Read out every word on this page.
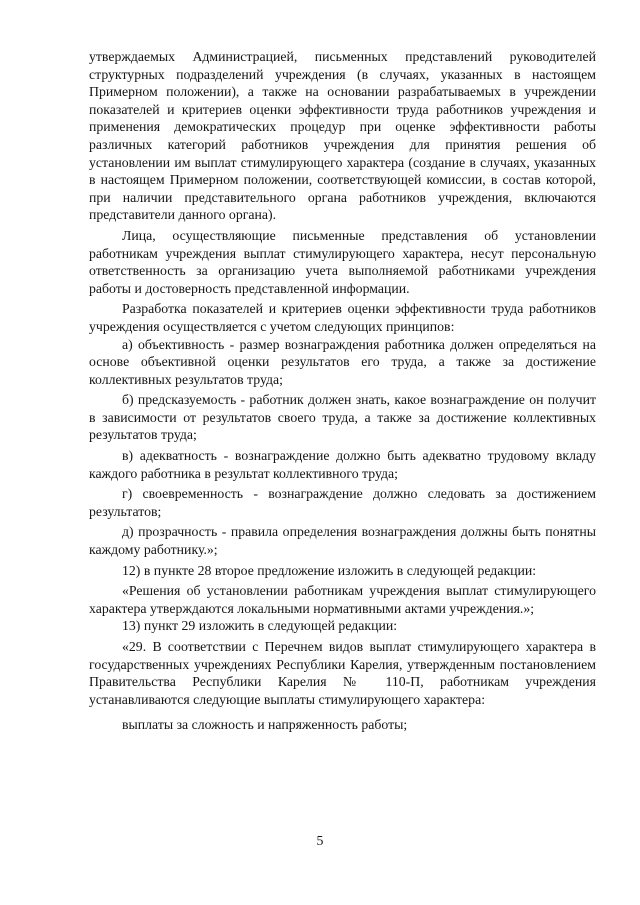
утверждаемых Администрацией, письменных представлений руководителей структурных подразделений учреждения (в случаях, указанных в настоящем Примерном положении), а также на основании разрабатываемых в учреждении показателей и критериев оценки эффективности труда работников учреждения и применения демократических процедур при оценке эффективности работы различных категорий работников учреждения для принятия решения об установлении им выплат стимулирующего характера (создание в случаях, указанных в настоящем Примерном положении, соответствующей комиссии, в состав которой, при наличии представительного органа работников учреждения, включаются представители данного органа).

Лица, осуществляющие письменные представления об установлении работникам учреждения выплат стимулирующего характера, несут персональную ответственность за организацию учета выполняемой работниками учреждения работы и достоверность представленной информации.

Разработка показателей и критериев оценки эффективности труда работников учреждения осуществляется с учетом следующих принципов:

а) объективность - размер вознаграждения работника должен определяться на основе объективной оценки результатов его труда, а также за достижение коллективных результатов труда;

б) предсказуемость - работник должен знать, какое вознаграждение он получит в зависимости от результатов своего труда, а также за достижение коллективных результатов труда;

в) адекватность - вознаграждение должно быть адекватно трудовому вкладу каждого работника в результат коллективного труда;

г) своевременность - вознаграждение должно следовать за достижением результатов;

д) прозрачность - правила определения вознаграждения должны быть понятны каждому работнику.»;

12) в пункте 28 второе предложение изложить в следующей редакции:

«Решения об установлении работникам учреждения выплат стимулирующего характера утверждаются локальными нормативными актами учреждения.»;

13) пункт 29 изложить в следующей редакции:

«29. В соответствии с Перечнем видов выплат стимулирующего характера в государственных учреждениях Республики Карелия, утвержденным постановлением Правительства Республики Карелия № 110-П, работникам учреждения устанавливаются следующие выплаты стимулирующего характера:

выплаты за сложность и напряженность работы;

5
